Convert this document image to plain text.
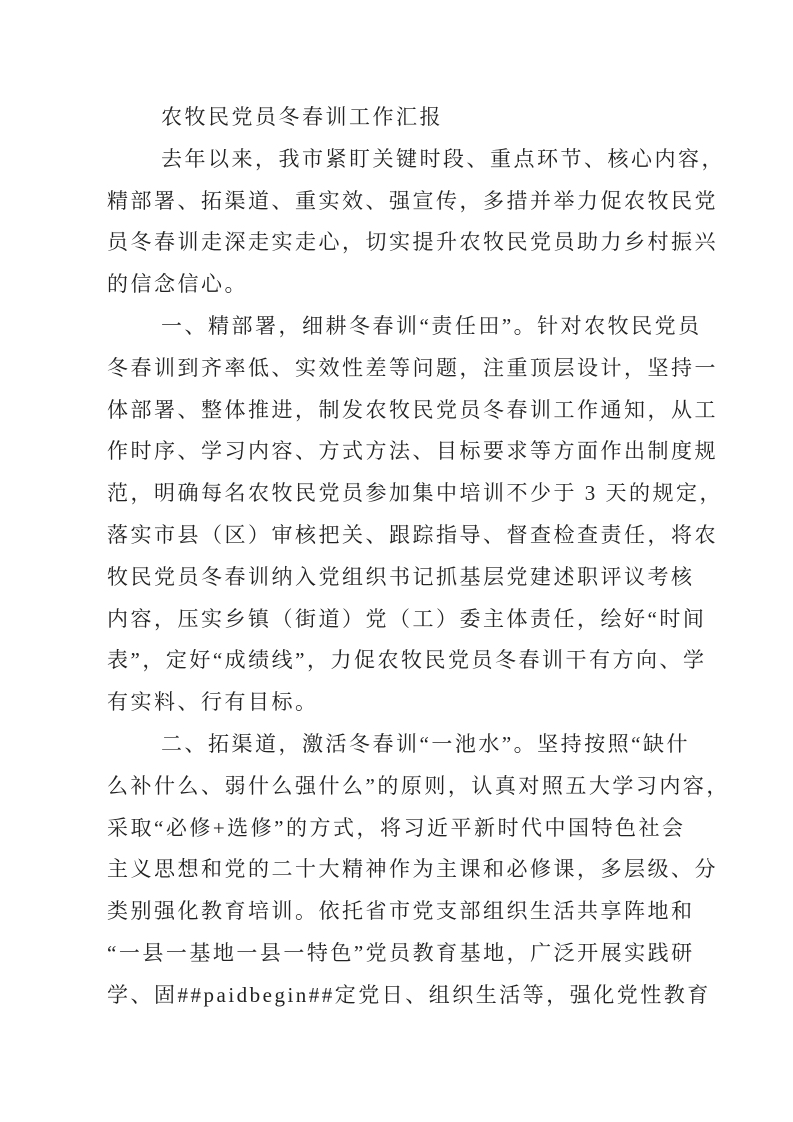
农牧民党员冬春训工作汇报
去年以来，我市紧盯关键时段、重点环节、核心内容，
精部署、拓渠道、重实效、强宣传，多措并举力促农牧民党
员冬春训走深走实走心，切实提升农牧民党员助力乡村振兴
的信念信心。
一、精部署，细耕冬春训“责任田”。针对农牧民党员
冬春训到齐率低、实效性差等问题，注重顶层设计，坚持一
体部署、整体推进，制发农牧民党员冬春训工作通知，从工
作时序、学习内容、方式方法、目标要求等方面作出制度规
范，明确每名农牧民党员参加集中培训不少于 3 天的规定，
落实市县（区）审核把关、跟踪指导、督查检查责任，将农
牧民党员冬春训纳入党组织书记抓基层党建述职评议考核
内容，压实乡镇（街道）党（工）委主体责任，绘好“时间
表”，定好“成绩线”，力促农牧民党员冬春训干有方向、学
有实料、行有目标。
二、拓渠道，激活冬春训“一池水”。坚持按照“缺什
么补什么、弱什么强什么”的原则，认真对照五大学习内容，
采取“必修+选修”的方式，将习近平新时代中国特色社会
主义思想和党的二十大精神作为主课和必修课，多层级、分
类别强化教育培训。依托省市党支部组织生活共享阵地和
“一县一基地一县一特色”党员教育基地，广泛开展实践研
学、固##paidbegin##定党日、组织生活等，强化党性教育
